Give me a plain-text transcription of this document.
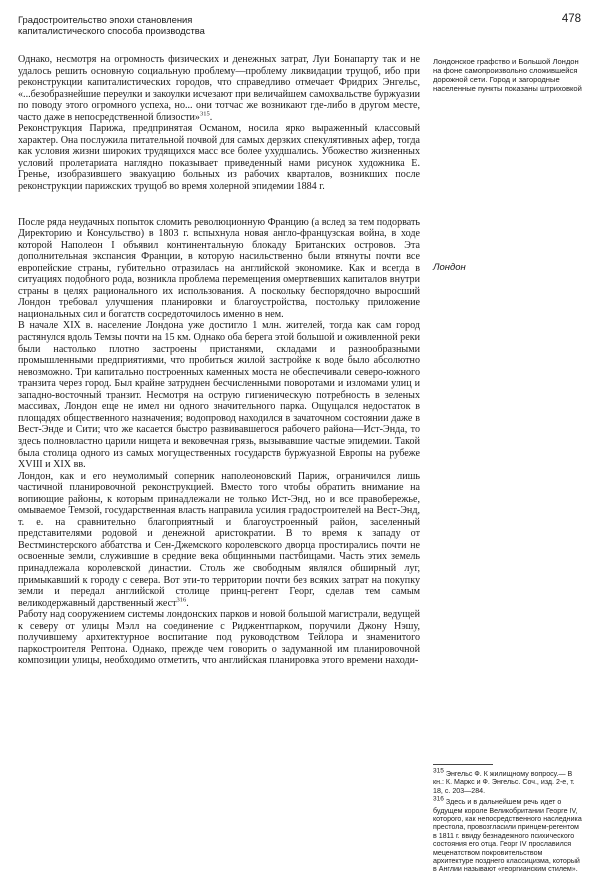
Градостроительство эпохи становления
капиталистического способа производства
478

Однако, несмотря на огромность физических и денежных затрат, Луи Бонапарту так и не удалось решить основную социальную проблему—проблему ликвидации трущоб, ибо при реконструкции капиталистических городов, что справедливо отмечает Фридрих Энгельс, «...безобразнейшие переулки и закоулки исчезают при величайшем самохвальстве буржуазии по поводу этого огромного успеха, но... они тотчас же возникают где-либо в другом месте, часто даже в непосредственной близости»$^{315}$.

Реконструкция Парижа, предпринятая Османом, носила ярко выраженный классовый характер. Она послужила питательной почвой для самых дерзких спекулятивных афер, тогда как условия жизни широких трудящихся масс все более ухудшались. Убожество жизненных условий пролетариата наглядно показывает приведенный нами рисунок художника Е. Гренье, изобразившего эвакуацию больных из рабочих кварталов, возникших после реконструкции парижских трущоб во время холерной эпидемии 1884 г.

После ряда неудачных попыток сломить революционную Францию (а вслед за тем подорвать Директорию и Консульство) в 1803 г. вспыхнула новая англо-французская война, в ходе которой Наполеон I объявил континентальную блокаду Британских островов. Эта дополнительная экспансия Франции, в которую насильственно были втянуты почти все европейские страны, губительно отразилась на английской экономике. Как и всегда в ситуациях подобного рода, возникла проблема перемещения омертвевших капиталов внутри страны в целях рационального их использования. А поскольку беспорядочно выросший Лондон требовал улучшения планировки и благоустройства, постольку приложение национальных сил и богатств сосредоточилось именно в нем.

В начале XIX в. население Лондона уже достигло 1 млн. жителей, тогда как сам город растянулся вдоль Темзы почти на 15 км. Однако оба берега этой большой и оживленной реки были настолько плотно застроены пристанями, складами и разнообразными промышленными предприятиями, что пробиться жилой застройке к воде было абсолютно невозможно. Три капитально построенных каменных моста не обеспечивали северо-южного транзита через город. Был крайне затруднен бесчисленными поворотами и изломами улиц и западно-восточный транзит. Несмотря на острую гигиеническую потребность в зеленых массивах, Лондон еще не имел ни одного значительного парка. Ощущался недостаток в площадях общественного назначения; водопровод находился в зачаточном состоянии даже в Вест-Энде и Сити; что же касается быстро развивавшегося рабочего района—Ист-Энда, то здесь полновластно царили нищета и вековечная грязь, вызывавшие частые эпидемии. Такой была столица одного из самых могущественных государств буржуазной Европы на рубеже XVIII и XIX вв.

Лондон, как и его неумолимый соперник наполеоновский Париж, ограничился лишь частичной планировочной реконструкцией. Вместо того чтобы обратить внимание на вопиющие районы, к которым принадлежали не только Ист-Энд, но и все правобережье, омываемое Темзой, государственная власть направила усилия градостроителей на Вест-Энд, т. е. на сравнительно благоприятный и благоустроенный район, заселенный представителями родовой и денежной аристократии. В то время к западу от Вестминстерского аббатства и Сен-Джемского королевского дворца простирались почти не освоенные земли, служившие в средние века общинными пастбищами. Часть этих земель принадлежала королевской династии. Столь же свободным являлся обширный луг, примыкавший к городу с севера. Вот эти-то территории почти без всяких затрат на покупку земли и передал английской столице принц-регент Георг, сделав тем самым великодержавный дарственный жест$^{316}$.

Работу над сооружением системы лондонских парков и новой большой магистрали, ведущей к северу от улицы Мэлл на соединение с Риджентпарком, поручили Джону Нэшу, получившему архитектурное воспитание под руководством Тейлора и знаменитого паркостроителя Рептона. Однако, прежде чем говорить о задуманной им планировочной композиции улицы, необходимо отметить, что английская планировка этого времени находи-

Лондонское графство и Большой Лондон на фоне самопроизвольно сложившейся дорожной сети. Город и загородные населенные пункты показаны штриховкой
Лондон
$^{315}$ Энгельс Ф. К жилищному вопросу.— В кн.: К. Маркс и Ф. Энгельс. Соч., изд. 2-е, т. 18, с. 203—284.
$^{316}$ Здесь и в дальнейшем речь идет о будущем короле Великобритании Георге IV, которого, как непосредственного наследника престола, провозгласили принцем-регентом в 1811 г. ввиду безнадежного психического состояния его отца. Георг IV прославился меценатством покровительством архитектуре позднего классицизма, который в Англии называют «георгианским стилем».
